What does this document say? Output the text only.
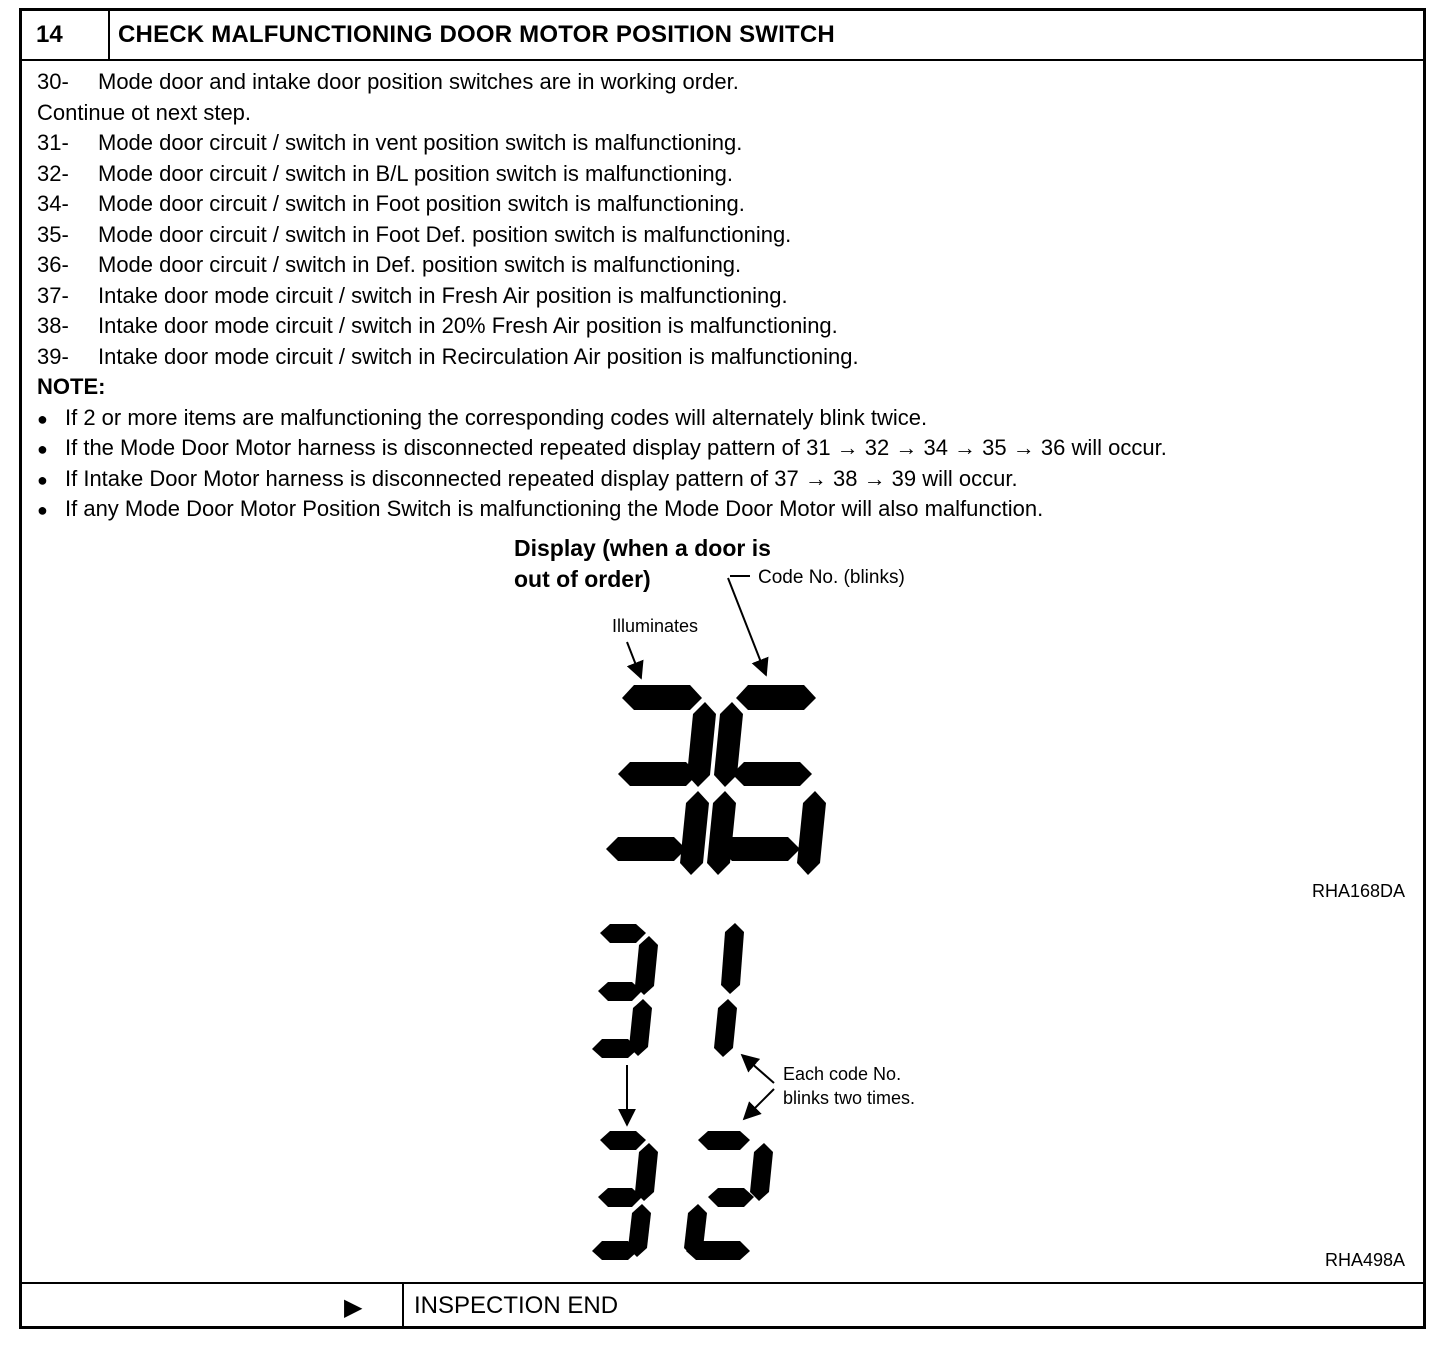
14	CHECK MALFUNCTIONING DOOR MOTOR POSITION SWITCH
30- Mode door and intake door position switches are in working order.
Continue ot next step.
31- Mode door circuit / switch in vent position switch is malfunctioning.
32- Mode door circuit / switch in B/L position switch is malfunctioning.
34- Mode door circuit / switch in Foot position switch is malfunctioning.
35- Mode door circuit / switch in Foot Def. position switch is malfunctioning.
36- Mode door circuit / switch in Def. position switch is malfunctioning.
37- Intake door mode circuit / switch in Fresh Air position is malfunctioning.
38- Intake door mode circuit / switch in 20% Fresh Air position is malfunctioning.
39- Intake door mode circuit / switch in Recirculation Air position is malfunctioning.
NOTE:
● If 2 or more items are malfunctioning the corresponding codes will alternately blink twice.
● If the Mode Door Motor harness is disconnected repeated display pattern of 31 → 32 → 34 → 35 → 36 will occur.
● If Intake Door Motor harness is disconnected repeated display pattern of 37 → 38 → 39 will occur.
● If any Mode Door Motor Position Switch is malfunctioning the Mode Door Motor will also malfunction.
Display (when a door is
out of order)	Code No. (blinks)
Illuminates
RHA168DA
Each code No.
blinks two times.
RHA498A
▶ INSPECTION END
